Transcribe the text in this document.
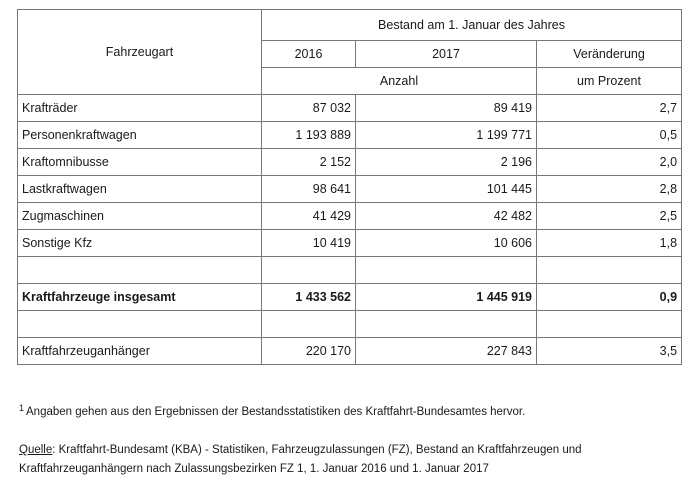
Fahrzeugart	Bestand am 1. Januar des Jahres		
	2016	2017	Veränderung
	Anzahl		um Prozent
Krafträder	87 032	89 419	2,7
Personenkraftwagen	1 193 889	1 199 771	0,5
Kraftomnibusse	2 152	2 196	2,0
Lastkraftwagen	98 641	101 445	2,8
Zugmaschinen	41 429	42 482	2,5
Sonstige Kfz	10 419	10 606	1,8

Kraftfahrzeuge insgesamt	1 433 562	1 445 919	0,9

Kraftfahrzeuganhänger	220 170	227 843	3,5
$^1$ Angaben gehen aus den Ergebnissen der Bestandsstatistiken des Kraftfahrt-Bundesamtes hervor.
Quelle: Kraftfahrt-Bundesamt (KBA) - Statistiken, Fahrzeugzulassungen (FZ), Bestand an Kraftfahrzeugen und Kraftfahrzeuganhängern nach Zulassungsbezirken FZ 1, 1. Januar 2016 und 1. Januar 2017
